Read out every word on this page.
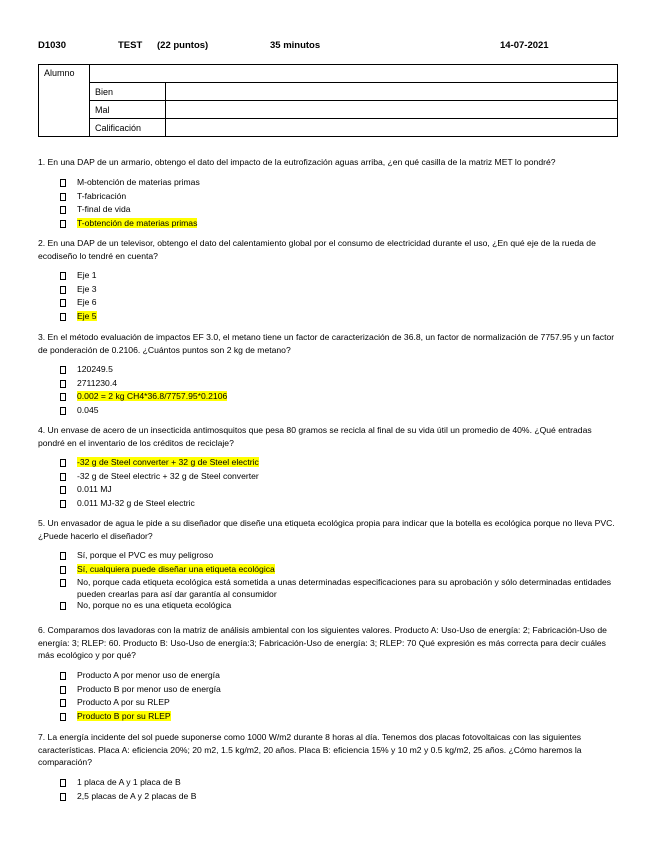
D1030	TEST (22 puntos)	35 minutos	14-07-2021
Alumno		
	Bien	
	Mal	
	Calificación	
1. En una DAP de un armario, obtengo el dato del impacto de la eutrofización aguas arriba, ¿en qué casilla de la matriz MET lo pondré?
M-obtención de materias primas
T-fabricación
T-final de vida
T-obtención de materias primas
2. En una DAP de un televisor, obtengo el dato del calentamiento global por el consumo de electricidad durante el uso, ¿En qué eje de la rueda de ecodiseño lo tendré en cuenta?
Eje 1
Eje 3
Eje 6
Eje 5
3. En el método evaluación de impactos EF 3.0, el metano tiene un factor de caracterización de 36.8, un factor de normalización de 7757.95 y un factor de ponderación de 0.2106. ¿Cuántos puntos son 2 kg de metano?
120249.5
2711230.4
0.002 = 2 kg CH4*36.8/7757.95*0.2106
0.045
4. Un envase de acero de un insecticida antimosquitos que pesa 80 gramos se recicla al final de su vida útil un promedio de 40%. ¿Qué entradas pondré en el inventario de los créditos de reciclaje?
-32 g de Steel converter + 32 g de Steel electric
-32 g de Steel electric + 32 g de Steel converter
0.011 MJ
0.011 MJ-32 g de Steel electric
5. Un envasador de agua le pide a su diseñador que diseñe una etiqueta ecológica propia para indicar que la botella es ecológica porque no lleva PVC. ¿Puede hacerlo el diseñador?
Sí, porque el PVC es muy peligroso
Sí, cualquiera puede diseñar una etiqueta ecológica
No, porque cada etiqueta ecológica está sometida a unas determinadas especificaciones para su aprobación y sólo determinadas entidades pueden crearlas para así dar garantía al consumidor
No, porque no es una etiqueta ecológica
6. Comparamos dos lavadoras con la matriz de análisis ambiental con los siguientes valores. Producto A: Uso-Uso de energía: 2; Fabricación-Uso de energía: 3; RLEP: 60. Producto B: Uso-Uso de energía:3; Fabricación-Uso de energía: 3; RLEP: 70 Qué expresión es más correcta para decir cuáles más ecológico y por qué?
Producto A por menor uso de energía
Producto B por menor uso de energía
Producto A por su RLEP
Producto B por su RLEP
7. La energía incidente del sol puede suponerse como 1000 W/m2 durante 8 horas al día. Tenemos dos placas fotovoltaicas con las siguientes características. Placa A: eficiencia 20%; 20 m2, 1.5 kg/m2, 20 años. Placa B: eficiencia 15% y 10 m2 y 0.5 kg/m2, 25 años. ¿Cómo haremos la comparación?
1 placa de A y 1 placa de B
2,5 placas de A y 2 placas de B
